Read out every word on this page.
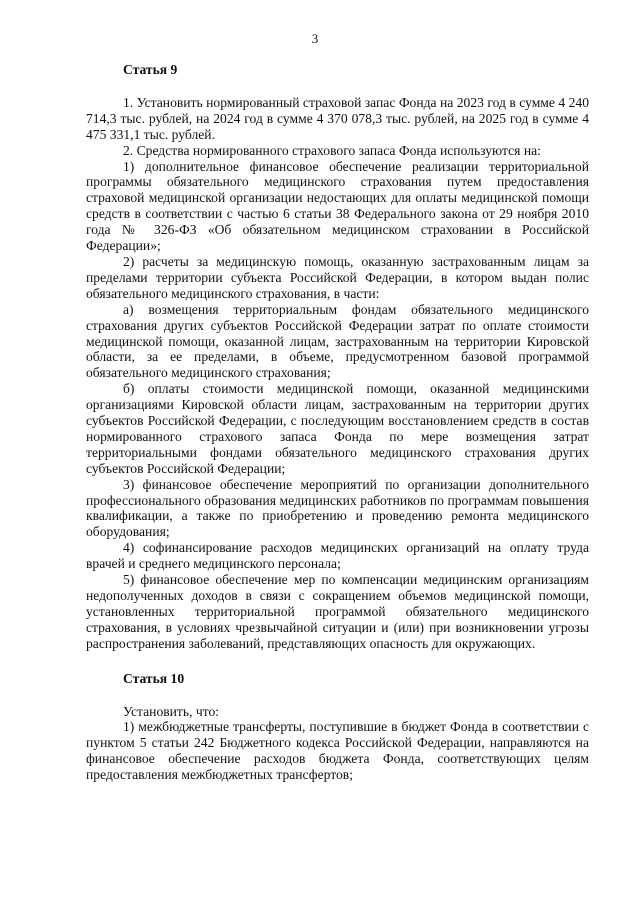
3
Статья 9

1. Установить нормированный страховой запас Фонда на 2023 год в сумме 4 240 714,3 тыс. рублей, на 2024 год в сумме 4 370 078,3 тыс. рублей, на 2025 год в сумме 4 475 331,1 тыс. рублей.

2. Средства нормированного страхового запаса Фонда используются на:

1) дополнительное финансовое обеспечение реализации территориальной программы обязательного медицинского страхования путем предоставления страховой медицинской организации недостающих для оплаты медицинской помощи средств в соответствии с частью 6 статьи 38 Федерального закона от 29 ноября 2010 года № 326-ФЗ «Об обязательном медицинском страховании в Российской Федерации»;

2) расчеты за медицинскую помощь, оказанную застрахованным лицам за пределами территории субъекта Российской Федерации, в котором выдан полис обязательного медицинского страхования, в части:

а) возмещения территориальным фондам обязательного медицинского страхования других субъектов Российской Федерации затрат по оплате стоимости медицинской помощи, оказанной лицам, застрахованным на территории Кировской области, за ее пределами, в объеме, предусмотренном базовой программой обязательного медицинского страхования;

б) оплаты стоимости медицинской помощи, оказанной медицинскими организациями Кировской области лицам, застрахованным на территории других субъектов Российской Федерации, с последующим восстановлением средств в состав нормированного страхового запаса Фонда по мере возмещения затрат территориальными фондами обязательного медицинского страхования других субъектов Российской Федерации;

3) финансовое обеспечение мероприятий по организации дополнительного профессионального образования медицинских работников по программам повышения квалификации, а также по приобретению и проведению ремонта медицинского оборудования;

4) софинансирование расходов медицинских организаций на оплату труда врачей и среднего медицинского персонала;

5) финансовое обеспечение мер по компенсации медицинским организациям недополученных доходов в связи с сокращением объемов медицинской помощи, установленных территориальной программой обязательного медицинского страхования, в условиях чрезвычайной ситуации и (или) при возникновении угрозы распространения заболеваний, представляющих опасность для окружающих.

Статья 10

Установить, что:

1) межбюджетные трансферты, поступившие в бюджет Фонда в соответствии с пунктом 5 статьи 242 Бюджетного кодекса Российской Федерации, направляются на финансовое обеспечение расходов бюджета Фонда, соответствующих целям предоставления межбюджетных трансфертов;
